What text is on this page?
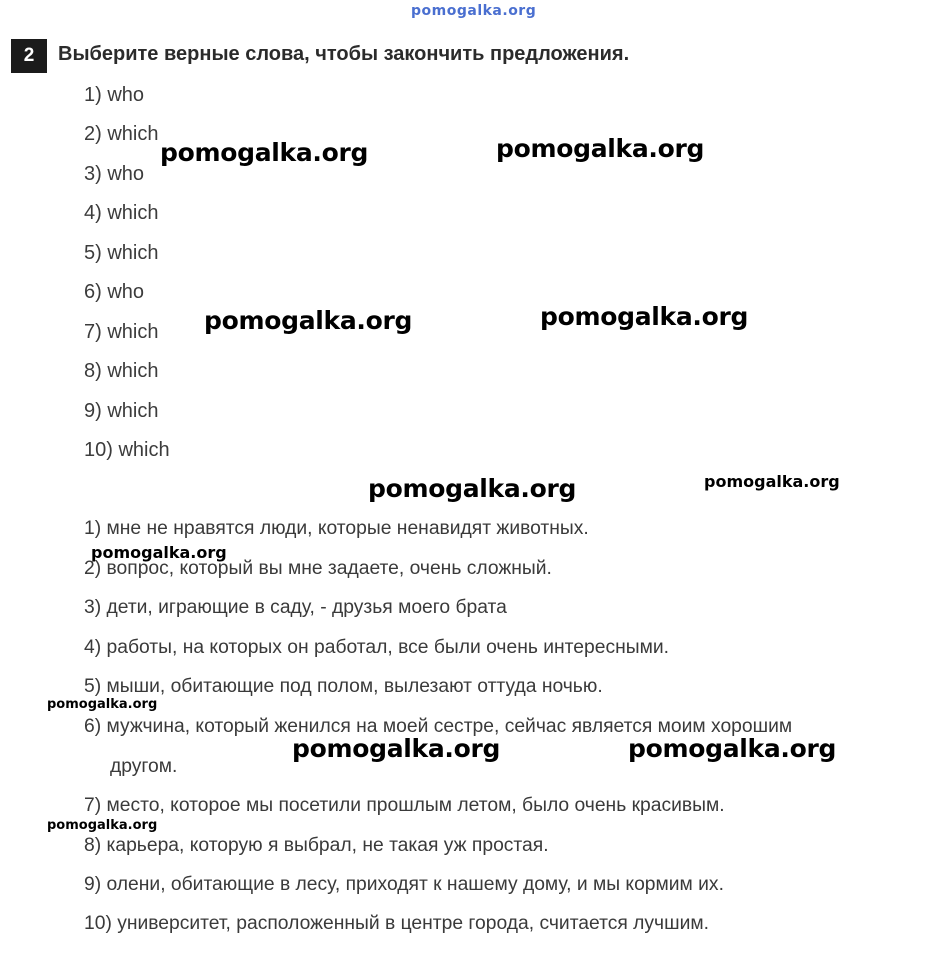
pomogalka.org
2	Выберите верные слова, чтобы закончить предложения.
1) who
2) which
3) who
4) which
5) which
6) who
7) which
8) which
9) which
10) which
1) мне не нравятся люди, которые ненавидят животных.
2) вопрос, который вы мне задаете, очень сложный.
3) дети, играющие в саду, - друзья моего брата
4) работы, на которых он работал, все были очень интересными.
5) мыши, обитающие под полом, вылезают оттуда ночью.
6) мужчина, который женился на моей сестре, сейчас является моим хорошим
другом.
7) место, которое мы посетили прошлым летом, было очень красивым.
8) карьера, которую я выбрал, не такая уж простая.
9) олени, обитающие в лесу, приходят к нашему дому, и мы кормим их.
10) университет, расположенный в центре города, считается лучшим.
pomogalka.org	pomogalka.org
pomogalka.org	pomogalka.org
pomogalka.org	pomogalka.org
pomogalka.org
pomogalka.org
pomogalka.org	pomogalka.org
pomogalka.org
